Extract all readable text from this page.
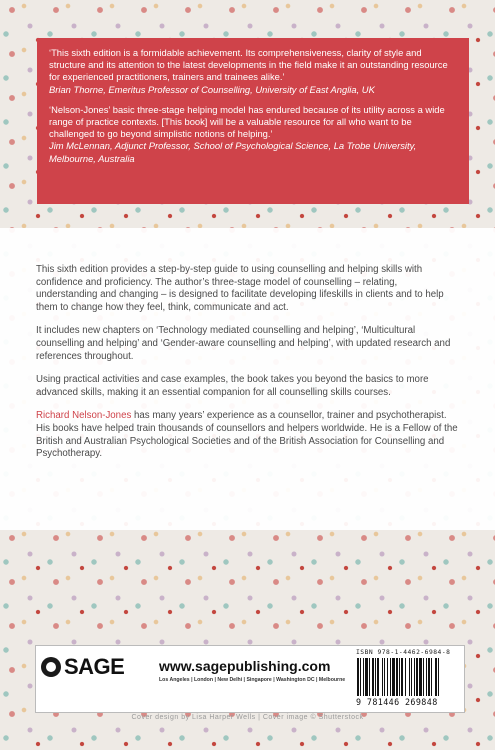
‘This sixth edition is a formidable achievement. Its comprehensiveness, clarity of style and structure and its attention to the latest developments in the field make it an outstanding resource for experienced practitioners, trainers and trainees alike.’

Brian Thorne, Emeritus Professor of Counselling, University of East Anglia, UK

‘Nelson-Jones’ basic three-stage helping model has endured because of its utility across a wide range of practice contexts. [This book] will be a valuable resource for all who want to be challenged to go beyond simplistic notions of helping.’

Jim McLennan, Adjunct Professor, School of Psychological Science, La Trobe University, Melbourne, Australia

This sixth edition provides a step-by-step guide to using counselling and helping skills with confidence and proficiency. The author’s three-stage model of counselling – relating, understanding and changing – is designed to facilitate developing lifeskills in clients and to help them to change how they feel, think, communicate and act.

It includes new chapters on ‘Technology mediated counselling and helping’, ‘Multicultural counselling and helping’ and ‘Gender-aware counselling and helping’, with updated research and references throughout.

Using practical activities and case examples, the book takes you beyond the basics to more advanced skills, making it an essential companion for all counselling skills courses.

Richard Nelson-Jones has many years’ experience as a counsellor, trainer and psychotherapist. His books have helped train thousands of counsellors and helpers worldwide. He is a Fellow of the British and Australian Psychological Societies and of the British Association for Counselling and Psychotherapy.

SAGE www.sagepublishing.com
Los Angeles | London | New Delhi | Singapore | Washington DC | Melbourne
ISBN 978-1-4462-6984-8
9 781446 269848
Cover design by Lisa Harper Wells | Cover image © Shutterstock
